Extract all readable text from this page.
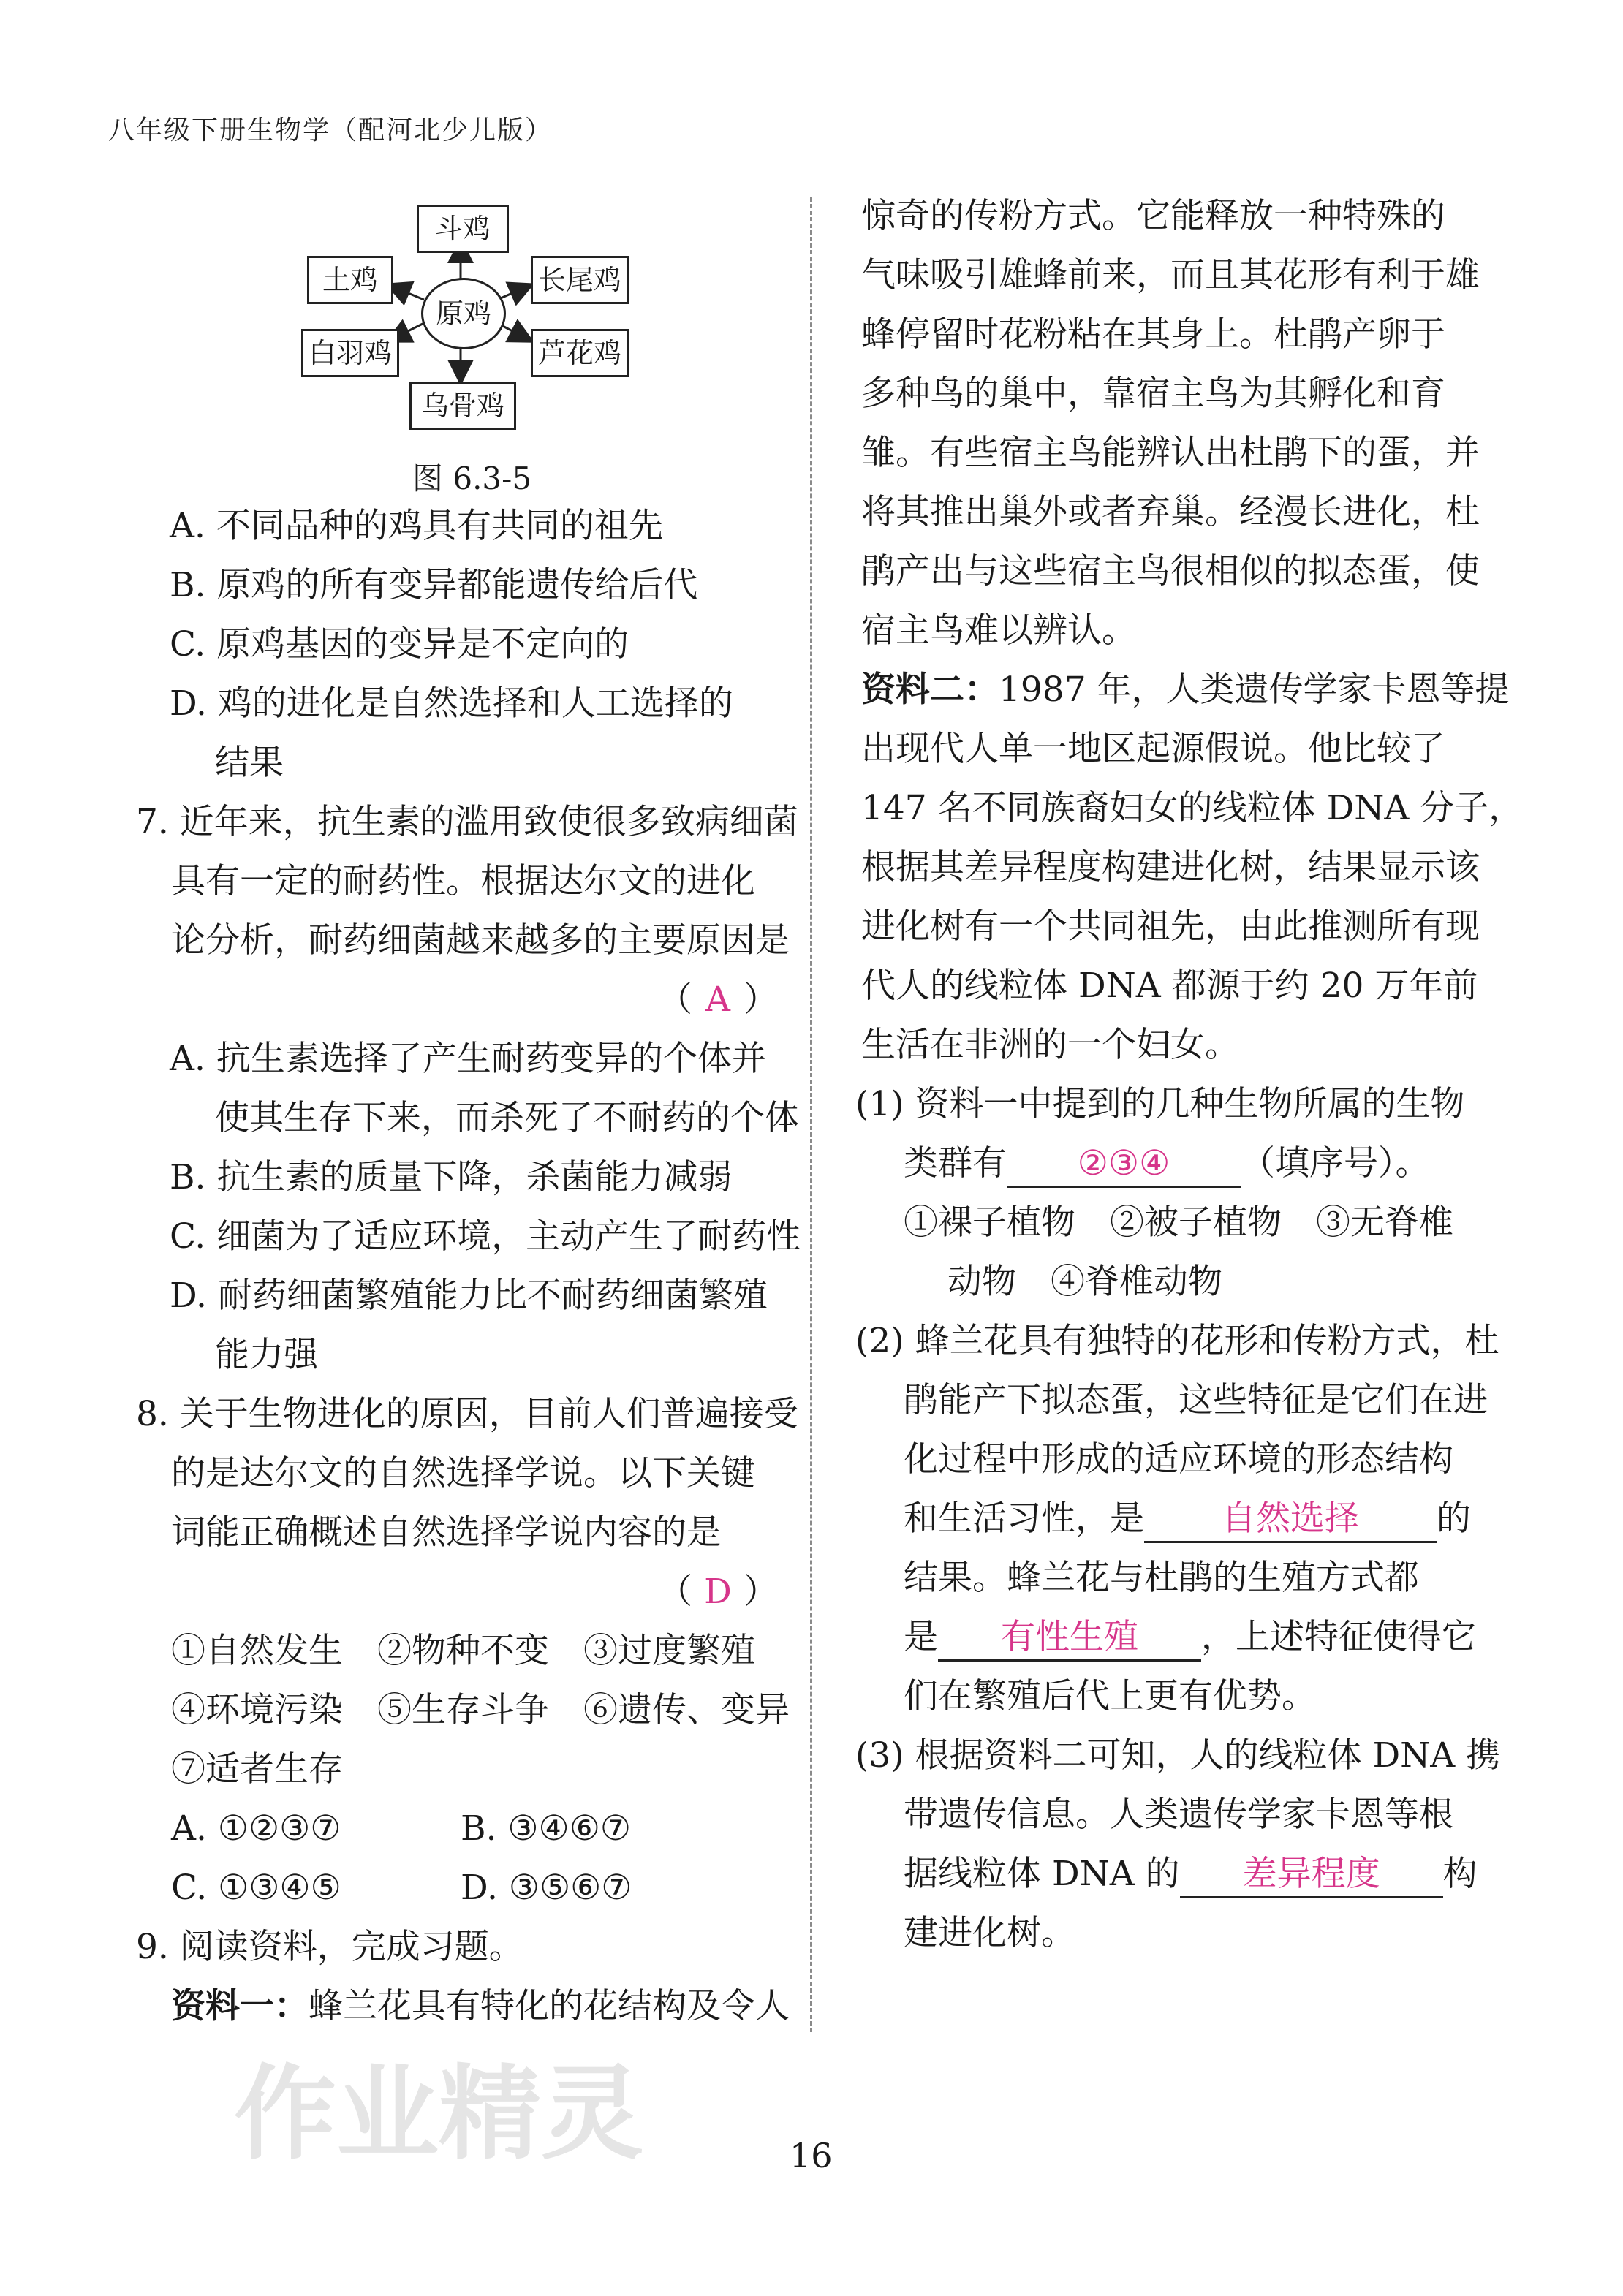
八年级下册生物学（配河北少儿版）
原鸡
斗鸡
乌骨鸡
土鸡
白羽鸡
长尾鸡
芦花鸡
图 6.3-5
A. 不同品种的鸡具有共同的祖先
B. 原鸡的所有变异都能遗传给后代
C. 原鸡基因的变异是不定向的
D. 鸡的进化是自然选择和人工选择的
结果
7. 近年来，抗生素的滥用致使很多致病细菌
具有一定的耐药性。根据达尔文的进化
论分析，耐药细菌越来越多的主要原因是
（ A ）
A. 抗生素选择了产生耐药变异的个体并
使其生存下来，而杀死了不耐药的个体
B. 抗生素的质量下降，杀菌能力减弱
C. 细菌为了适应环境，主动产生了耐药性
D. 耐药细菌繁殖能力比不耐药细菌繁殖
能力强
8. 关于生物进化的原因，目前人们普遍接受
的是达尔文的自然选择学说。以下关键
词能正确概述自然选择学说内容的是
（ D ）
①自然发生　②物种不变　③过度繁殖
④环境污染　⑤生存斗争　⑥遗传、变异
⑦适者生存
A. ①②③⑦	B. ③④⑥⑦
C. ①③④⑤	D. ③⑤⑥⑦
9. 阅读资料，完成习题。
资料一：蜂兰花具有特化的花结构及令人
惊奇的传粉方式。它能释放一种特殊的
气味吸引雄蜂前来，而且其花形有利于雄
蜂停留时花粉粘在其身上。杜鹃产卵于
多种鸟的巢中，靠宿主鸟为其孵化和育
雏。有些宿主鸟能辨认出杜鹃下的蛋，并
将其推出巢外或者弃巢。经漫长进化，杜
鹃产出与这些宿主鸟很相似的拟态蛋，使
宿主鸟难以辨认。
资料二：1987 年，人类遗传学家卡恩等提
出现代人单一地区起源假说。他比较了
147 名不同族裔妇女的线粒体 DNA 分子，
根据其差异程度构建进化树，结果显示该
进化树有一个共同祖先，由此推测所有现
代人的线粒体 DNA 都源于约 20 万年前
生活在非洲的一个妇女。
(1) 资料一中提到的几种生物所属的生物
类群有 ②③④ （填序号）。
①裸子植物　②被子植物　③无脊椎
动物　④脊椎动物
(2) 蜂兰花具有独特的花形和传粉方式，杜
鹃能产下拟态蛋，这些特征是它们在进
化过程中形成的适应环境的形态结构
和生活习性，是 自然选择 的
结果。蜂兰花与杜鹃的生殖方式都
是 有性生殖 ，上述特征使得它
们在繁殖后代上更有优势。
(3) 根据资料二可知，人的线粒体 DNA 携
带遗传信息。人类遗传学家卡恩等根
据线粒体 DNA 的 差异程度 构
建进化树。
16
作业精灵
